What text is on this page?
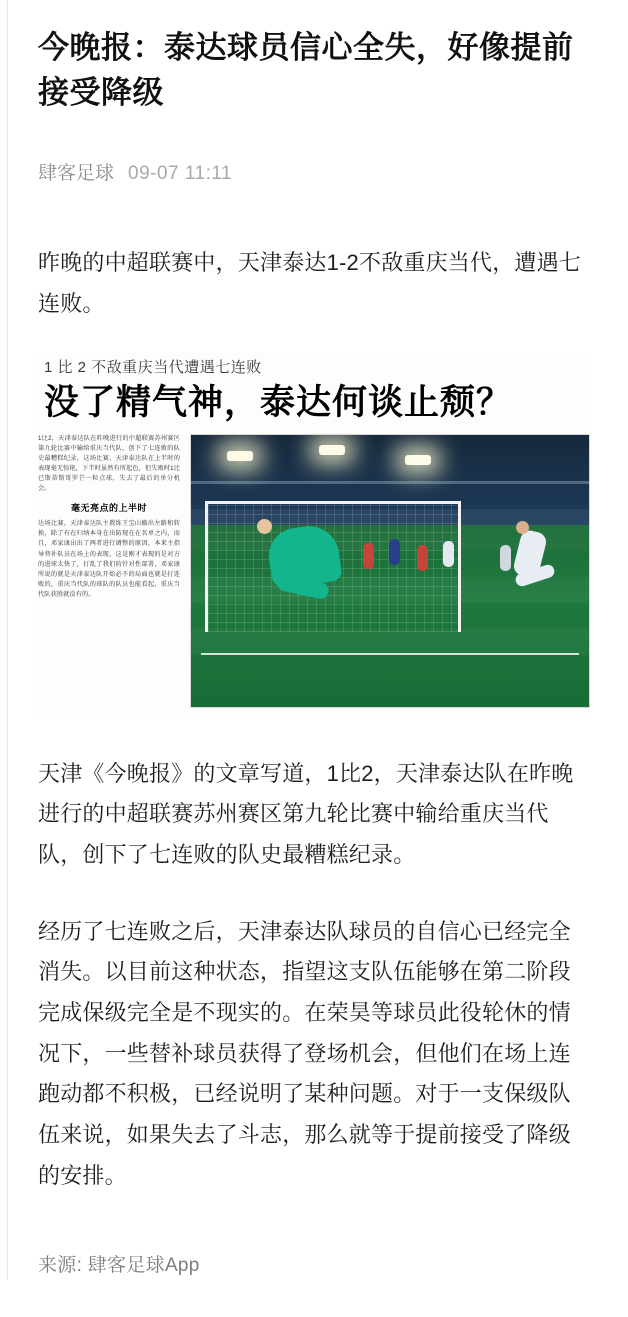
今晚报：泰达球员信心全失，好像提前接受降级
肆客足球 09-07 11:11

昨晚的中超联赛中，天津泰达1-2不敌重庆当代，遭遇七连败。

1 比 2 不敌重庆当代遭遇七连败
没了精气神，泰达何谈止颓？
1比2，天津泰达队在昨晚进行的中超联赛苏州赛区第九轮比赛中输给重庆当代队，创下了七连败的队史最糟糕纪录。这场比赛，天津泰达队在上半时的表现毫无惊艳，下半时虽然有所起色，但失败时1比已斯蒂斯哥罗芒一粒点球，失去了最后的单分机会。
毫无亮点的上半时
达场比赛，天津泰达队主教练王宝山撤出左路和转换，除了有在归纳本身在出防现在在名单之内，而且，邓家康出出了两者进行调整的原因，本来主指导替补队员在场上的表现，这是刚才表现的是对方的进球太快了，打乱了我们的针对性部署，邓家康所说的就是天津泰达队开始必不的局面也就是打连败的，重庆当代队的球队的队员也能看起，重庆当代队获胜就没有的。

天津《今晚报》的文章写道，1比2，天津泰达队在昨晚进行的中超联赛苏州赛区第九轮比赛中输给重庆当代队，创下了七连败的队史最糟糕纪录。

经历了七连败之后，天津泰达队球员的自信心已经完全消失。以目前这种状态，指望这支队伍能够在第二阶段完成保级完全是不现实的。在荣昊等球员此役轮休的情况下，一些替补球员获得了登场机会，但他们在场上连跑动都不积极，已经说明了某种问题。对于一支保级队伍来说，如果失去了斗志，那么就等于提前接受了降级的安排。

来源: 肆客足球App
